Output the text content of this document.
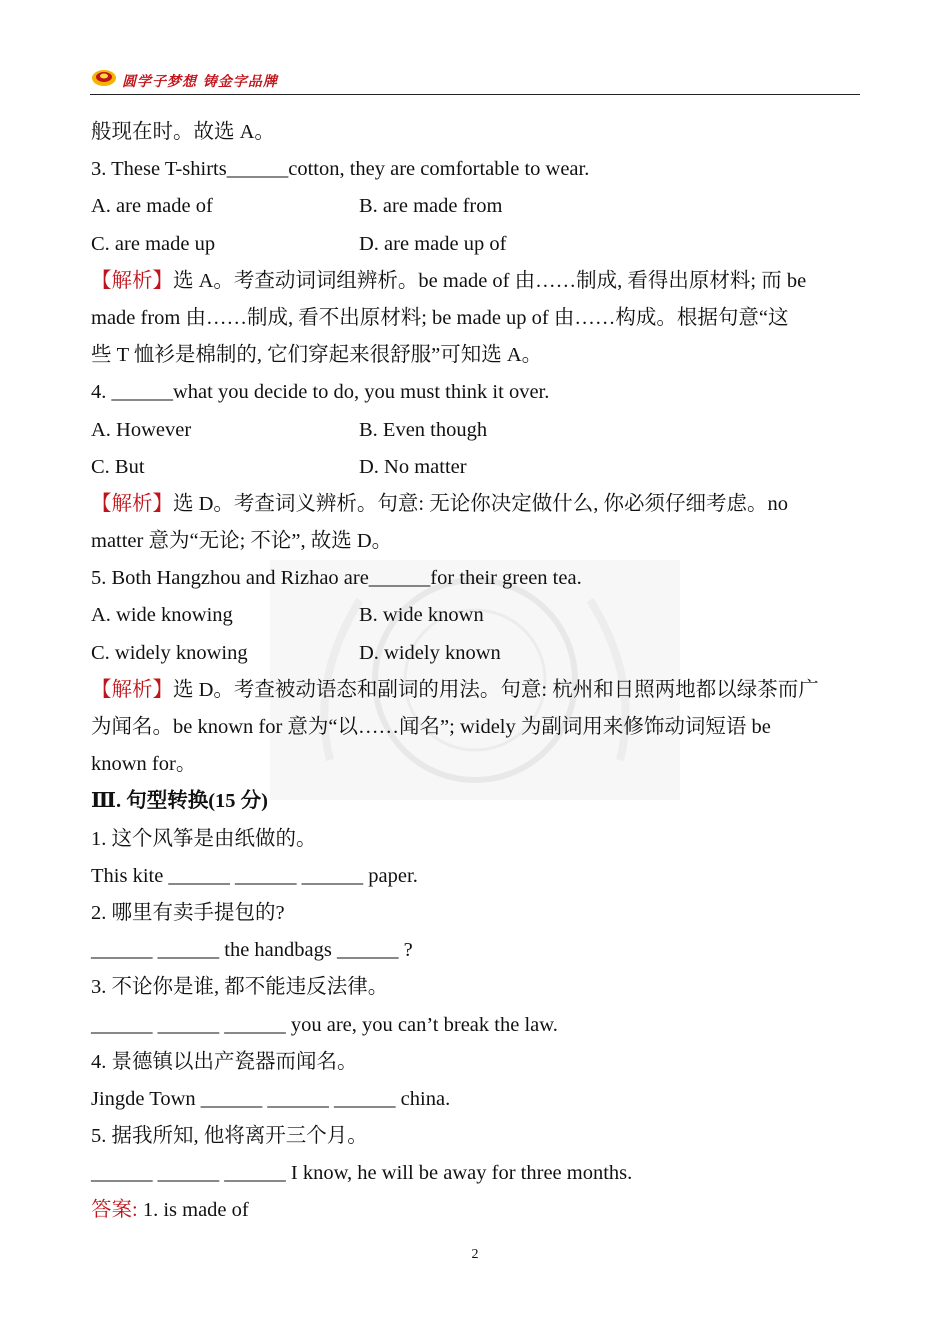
圆学子梦想 铸金字品牌
般现在时。故选 A。
3. These T-shirts______cotton, they are comfortable to wear.
A. are made of	B. are made from
C. are made up	D. are made up of
【解析】选 A。考查动词词组辨析。be made of 由……制成, 看得出原材料; 而 be
made from 由……制成, 看不出原材料; be made up of 由……构成。根据句意“这
些 T 恤衫是棉制的, 它们穿起来很舒服”可知选 A。
4. ______what you decide to do, you must think it over.
A. However	B. Even though
C. But	D. No matter
【解析】选 D。考查词义辨析。句意: 无论你决定做什么, 你必须仔细考虑。no
matter 意为“无论; 不论”, 故选 D。
5. Both Hangzhou and Rizhao are______for their green tea.
A. wide knowing	B. wide known
C. widely knowing	D. widely known
【解析】选 D。考查被动语态和副词的用法。句意: 杭州和日照两地都以绿茶而广
为闻名。be known for 意为“以……闻名”; widely 为副词用来修饰动词短语 be
known for。
Ⅲ. 句型转换(15 分)
1. 这个风筝是由纸做的。
This kite ______ ______ ______ paper.
2. 哪里有卖手提包的?
______ ______ the handbags ______ ?
3. 不论你是谁, 都不能违反法律。
______ ______ ______ you are, you can’t break the law.
4. 景德镇以出产瓷器而闻名。
Jingde Town ______ ______ ______ china.
5. 据我所知, 他将离开三个月。
______ ______ ______ I know, he will be away for three months.
答案: 1. is made of
2
